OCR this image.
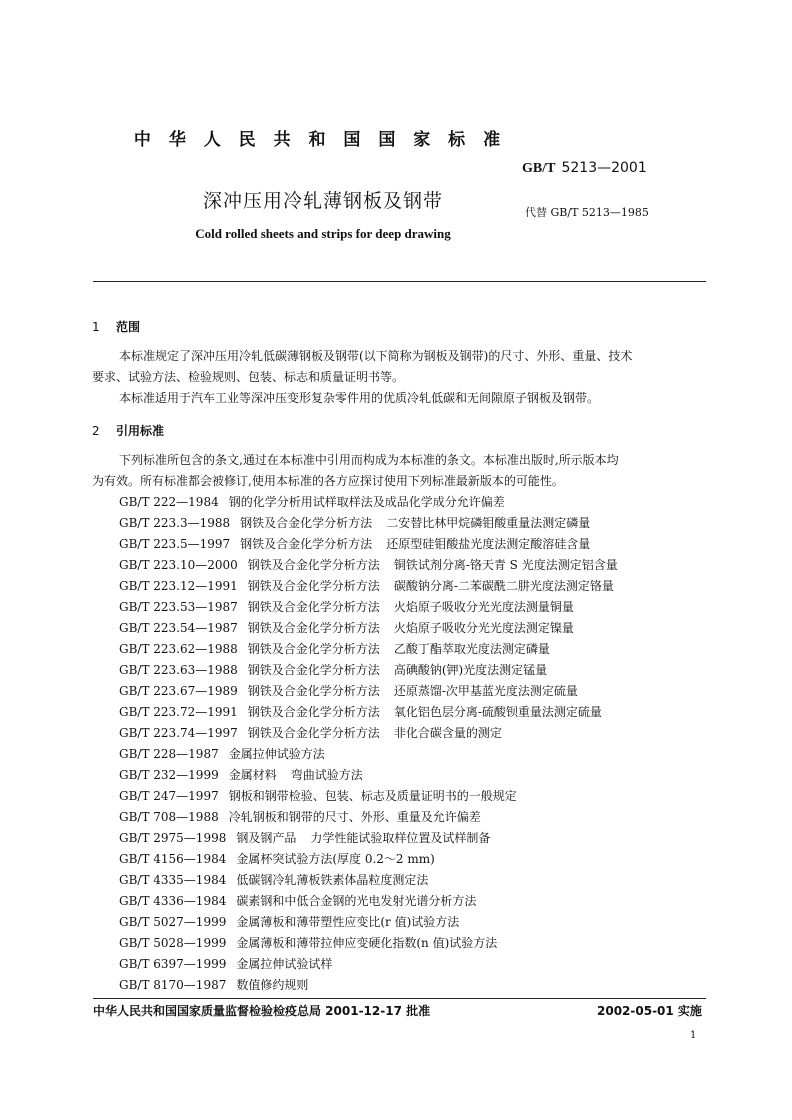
中 华 人 民 共 和 国 国 家 标 准
GB/T 5213—2001
深冲压用冷轧薄钢板及钢带
代替 GB/T 5213—1985
Cold rolled sheets and strips for deep drawing
1 范围
本标准规定了深冲压用冷轧低碳薄钢板及钢带(以下简称为钢板及钢带)的尺寸、外形、重量、技术
要求、试验方法、检验规则、包装、标志和质量证明书等。
本标准适用于汽车工业等深冲压变形复杂零件用的优质冷轧低碳和无间隙原子钢板及钢带。
2 引用标准
下列标准所包含的条文,通过在本标准中引用而构成为本标准的条文。本标准出版时,所示版本均
为有效。所有标准都会被修订,使用本标准的各方应探讨使用下列标准最新版本的可能性。
GB/T 222—1984 钢的化学分析用试样取样法及成品化学成分允许偏差
GB/T 223.3—1988 钢铁及合金化学分析方法 二安替比林甲烷磷钼酸重量法测定磷量
GB/T 223.5—1997 钢铁及合金化学分析方法 还原型硅钼酸盐光度法测定酸溶硅含量
GB/T 223.10—2000 钢铁及合金化学分析方法 铜铁试剂分离-铬天青 S 光度法测定铝含量
GB/T 223.12—1991 钢铁及合金化学分析方法 碳酸钠分离-二苯碳酰二肼光度法测定铬量
GB/T 223.53—1987 钢铁及合金化学分析方法 火焰原子吸收分光光度法测量铜量
GB/T 223.54—1987 钢铁及合金化学分析方法 火焰原子吸收分光光度法测定镍量
GB/T 223.62—1988 钢铁及合金化学分析方法 乙酸丁酯萃取光度法测定磷量
GB/T 223.63—1988 钢铁及合金化学分析方法 高碘酸钠(钾)光度法测定锰量
GB/T 223.67—1989 钢铁及合金化学分析方法 还原蒸馏-次甲基蓝光度法测定硫量
GB/T 223.72—1991 钢铁及合金化学分析方法 氧化铝色层分离-硫酸钡重量法测定硫量
GB/T 223.74—1997 钢铁及合金化学分析方法 非化合碳含量的测定
GB/T 228—1987 金属拉伸试验方法
GB/T 232—1999 金属材料 弯曲试验方法
GB/T 247—1997 钢板和钢带检验、包装、标志及质量证明书的一般规定
GB/T 708—1988 冷轧钢板和钢带的尺寸、外形、重量及允许偏差
GB/T 2975—1998 钢及钢产品 力学性能试验取样位置及试样制备
GB/T 4156—1984 金属杯突试验方法(厚度 0.2～2 mm)
GB/T 4335—1984 低碳钢冷轧薄板铁素体晶粒度测定法
GB/T 4336—1984 碳素钢和中低合金钢的光电发射光谱分析方法
GB/T 5027—1999 金属薄板和薄带塑性应变比(r 值)试验方法
GB/T 5028—1999 金属薄板和薄带拉伸应变硬化指数(n 值)试验方法
GB/T 6397—1999 金属拉伸试验试样
GB/T 8170—1987 数值修约规则
中华人民共和国国家质量监督检验检疫总局 2001-12-17 批准	2002-05-01 实施
1
